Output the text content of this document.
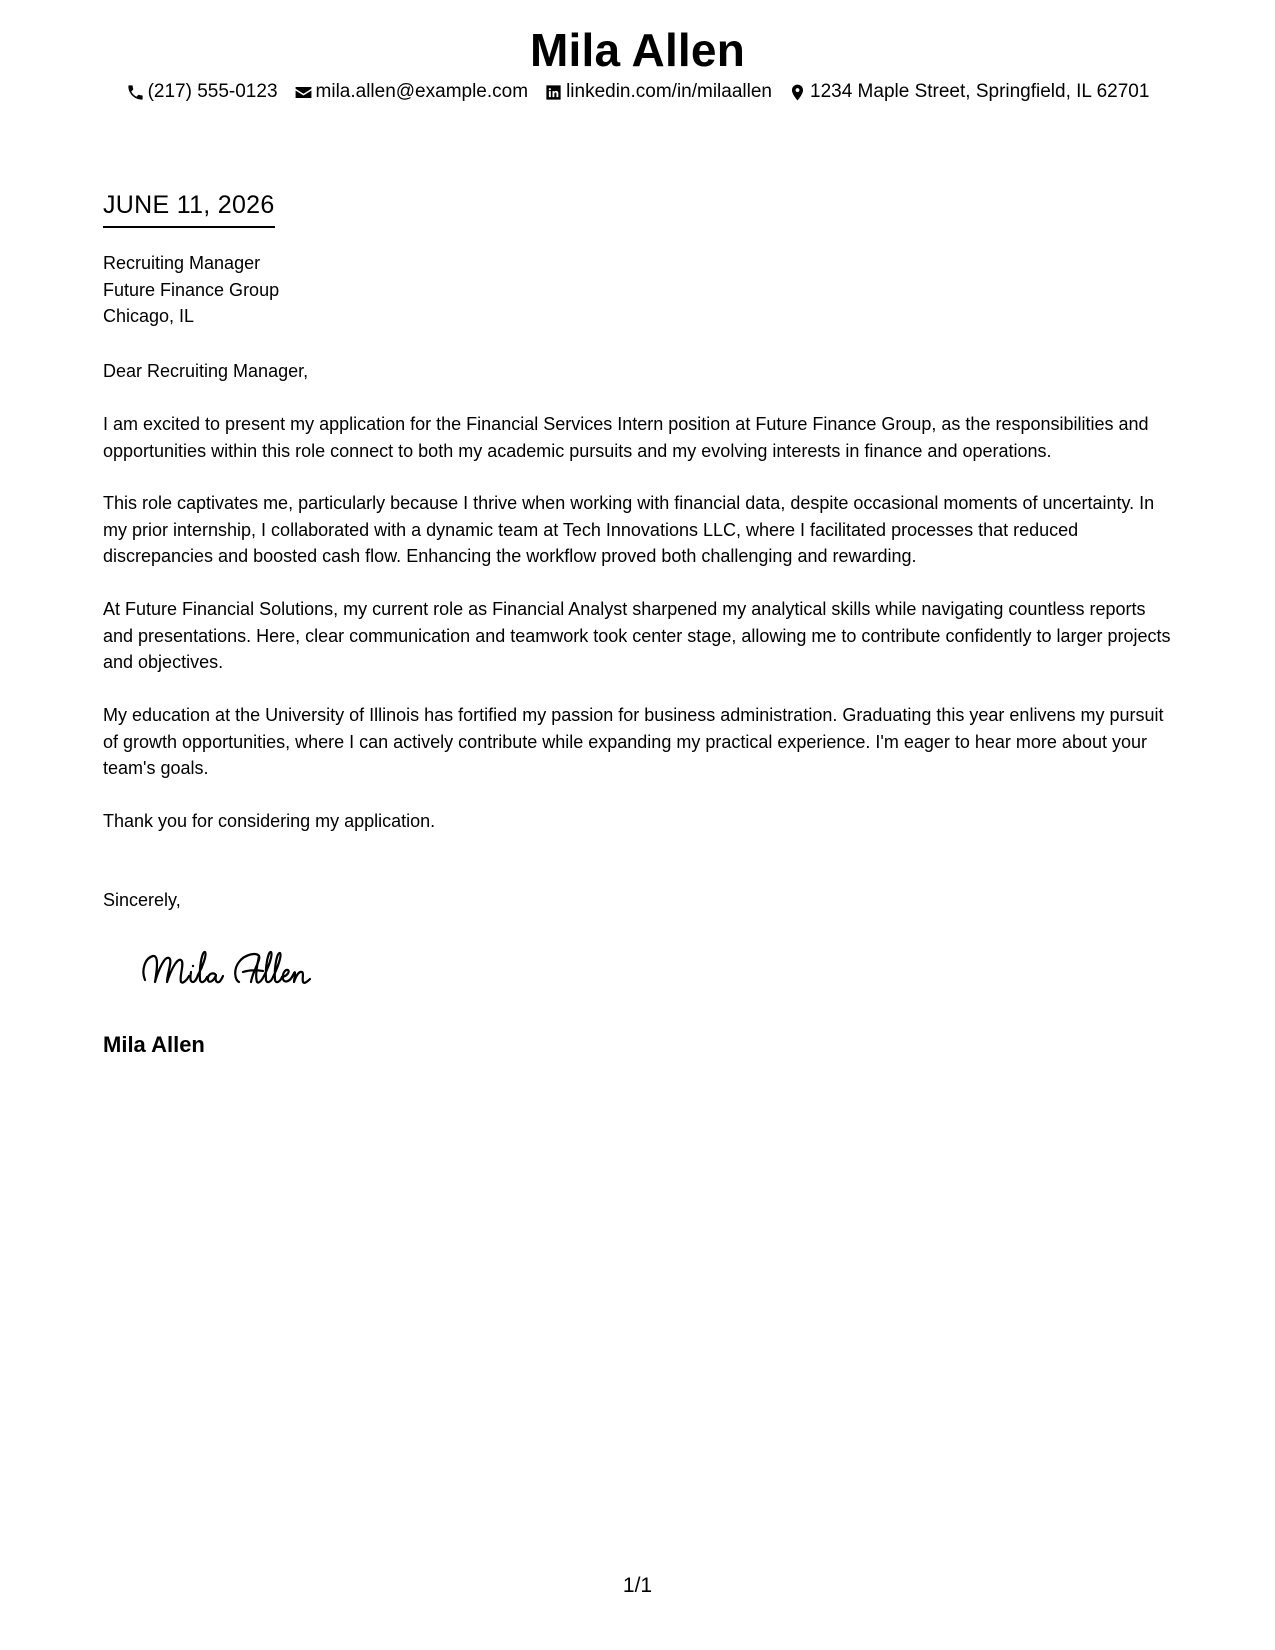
Mila Allen
(217) 555-0123 mila.allen@example.com linkedin.com/in/milaallen 1234 Maple Street, Springfield, IL 62701
JUNE 11, 2026
Recruiting Manager
Future Finance Group
Chicago, IL
Dear Recruiting Manager,
I am excited to present my application for the Financial Services Intern position at Future Finance Group, as the responsibilities and opportunities within this role connect to both my academic pursuits and my evolving interests in finance and operations.
This role captivates me, particularly because I thrive when working with financial data, despite occasional moments of uncertainty. In my prior internship, I collaborated with a dynamic team at Tech Innovations LLC, where I facilitated processes that reduced discrepancies and boosted cash flow. Enhancing the workflow proved both challenging and rewarding.
At Future Financial Solutions, my current role as Financial Analyst sharpened my analytical skills while navigating countless reports and presentations. Here, clear communication and teamwork took center stage, allowing me to contribute confidently to larger projects and objectives.
My education at the University of Illinois has fortified my passion for business administration. Graduating this year enlivens my pursuit of growth opportunities, where I can actively contribute while expanding my practical experience. I'm eager to hear more about your team's goals.
Thank you for considering my application.
Sincerely,
Mila Allen
1/1
